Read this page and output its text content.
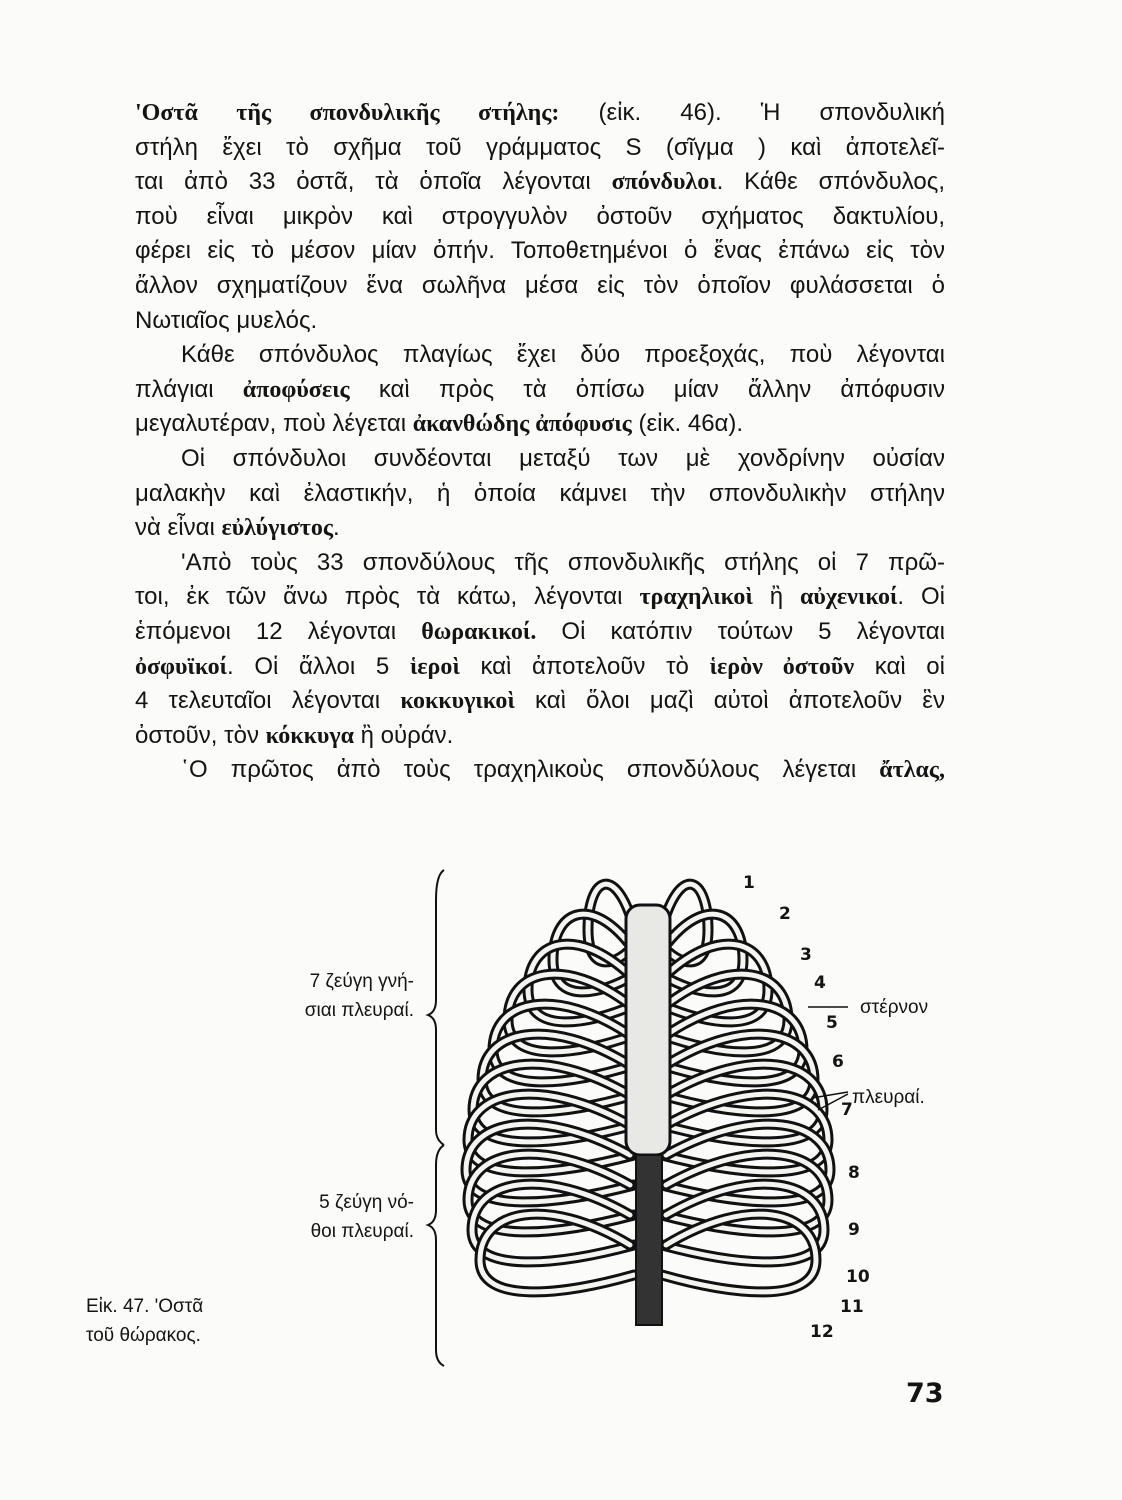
'Οστᾶ τῆς σπονδυλικῆς στήλης: (εἰκ. 46). Ἡ σπονδυλική
στήλη ἔχει τὸ σχῆμα τοῦ γράμματος S (σῖγμα ) καὶ ἀποτελεῖ-
ται ἀπὸ 33 ὀστᾶ, τὰ ὁποῖα λέγονται σπόνδυλοι. Κάθε σπόνδυλος,
ποὺ εἶναι μικρὸν καὶ στρογγυλὸν ὀστοῦν σχήματος δακτυλίου,
φέρει εἰς τὸ μέσον μίαν ὀπήν. Τοποθετημένοι ὁ ἕνας ἐπάνω εἰς τὸν
ἄλλον σχηματίζουν ἕνα σωλῆνα μέσα εἰς τὸν ὁποῖον φυλάσσεται ὁ
Νωτιαῖος μυελός.
Κάθε σπόνδυλος πλαγίως ἔχει δύο προεξοχάς, ποὺ λέγονται
πλάγιαι ἀποφύσεις καὶ πρὸς τὰ ὀπίσω μίαν ἄλλην ἀπόφυσιν
μεγαλυτέραν, ποὺ λέγεται ἀκανθώδης ἀπόφυσις (εἰκ. 46α).
Οἱ σπόνδυλοι συνδέονται μεταξύ των μὲ χονδρίνην οὐσίαν
μαλακὴν καὶ ἐλαστικήν, ἡ ὁποία κάμνει τὴν σπονδυλικὴν στήλην
νὰ εἶναι εὐλύγιστος.
'Απὸ τοὺς 33 σπονδύλους τῆς σπονδυλικῆς στήλης οἱ 7 πρῶ-
τοι, ἐκ τῶν ἄνω πρὸς τὰ κάτω, λέγονται τραχηλικοὶ ἢ αὐχενικοί. Οἱ
ἑπόμενοι 12 λέγονται θωρακικοί. Οἱ κατόπιν τούτων 5 λέγονται
ὀσφυϊκοί. Οἱ ἄλλοι 5 ἱεροὶ καὶ ἀποτελοῦν τὸ ἱερὸν ὀστοῦν καὶ οἱ
4 τελευταῖοι λέγονται κοκκυγικοὶ καὶ ὅλοι μαζὶ αὐτοὶ ἀποτελοῦν ἓν
ὀστοῦν, τὸν κόκκυγα ἢ οὐράν.
῾Ο πρῶτος ἀπὸ τοὺς τραχηλικοὺς σπονδύλους λέγεται ἄτλας,
7 ζεύγη γνή-
σιαι πλευραί.
5 ζεύγη νό-
θοι πλευραί.
Εἰκ. 47. 'Οστᾶ
τοῦ θώρακος.
1
2
3
4
5
6
7
8
9
10
11
12
στέρνον
πλευραί.
73
